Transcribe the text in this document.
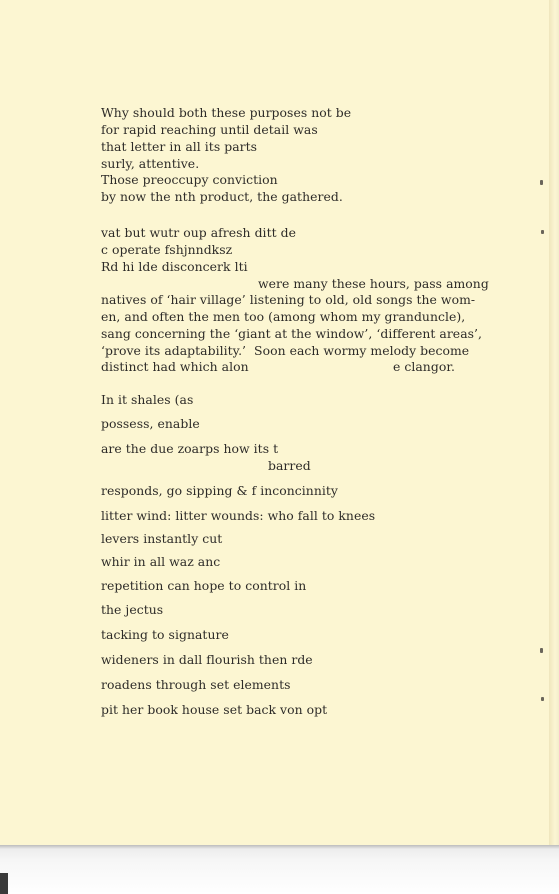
Why should both these purposes not be
for rapid reaching until detail was
that letter in all its parts
surly, attentive.
Those preoccupy conviction
by now the nth product, the gathered.
vat but wutr oup afresh ditt de
c operate fshjnndksz
Rd hi lde disconcerk lti
were many these hours, pass among
natives of ‘hair village’ listening to old, old songs the wom-
en, and often the men too (among whom my granduncle),
sang concerning the ‘giant at the window’, ‘different areas’,
‘prove its adaptability.’  Soon each wormy melody become
distinct had which alon	e clangor.
In it shales (as
possess, enable
are the due zoarps how its t
barred
responds, go sipping & f inconcinnity
litter wind: litter wounds: who fall to knees
levers instantly cut
whir in all waz anc
repetition can hope to control in
the jectus
tacking to signature
wideners in dall flourish then rde
roadens through set elements
pit her book house set back von opt
